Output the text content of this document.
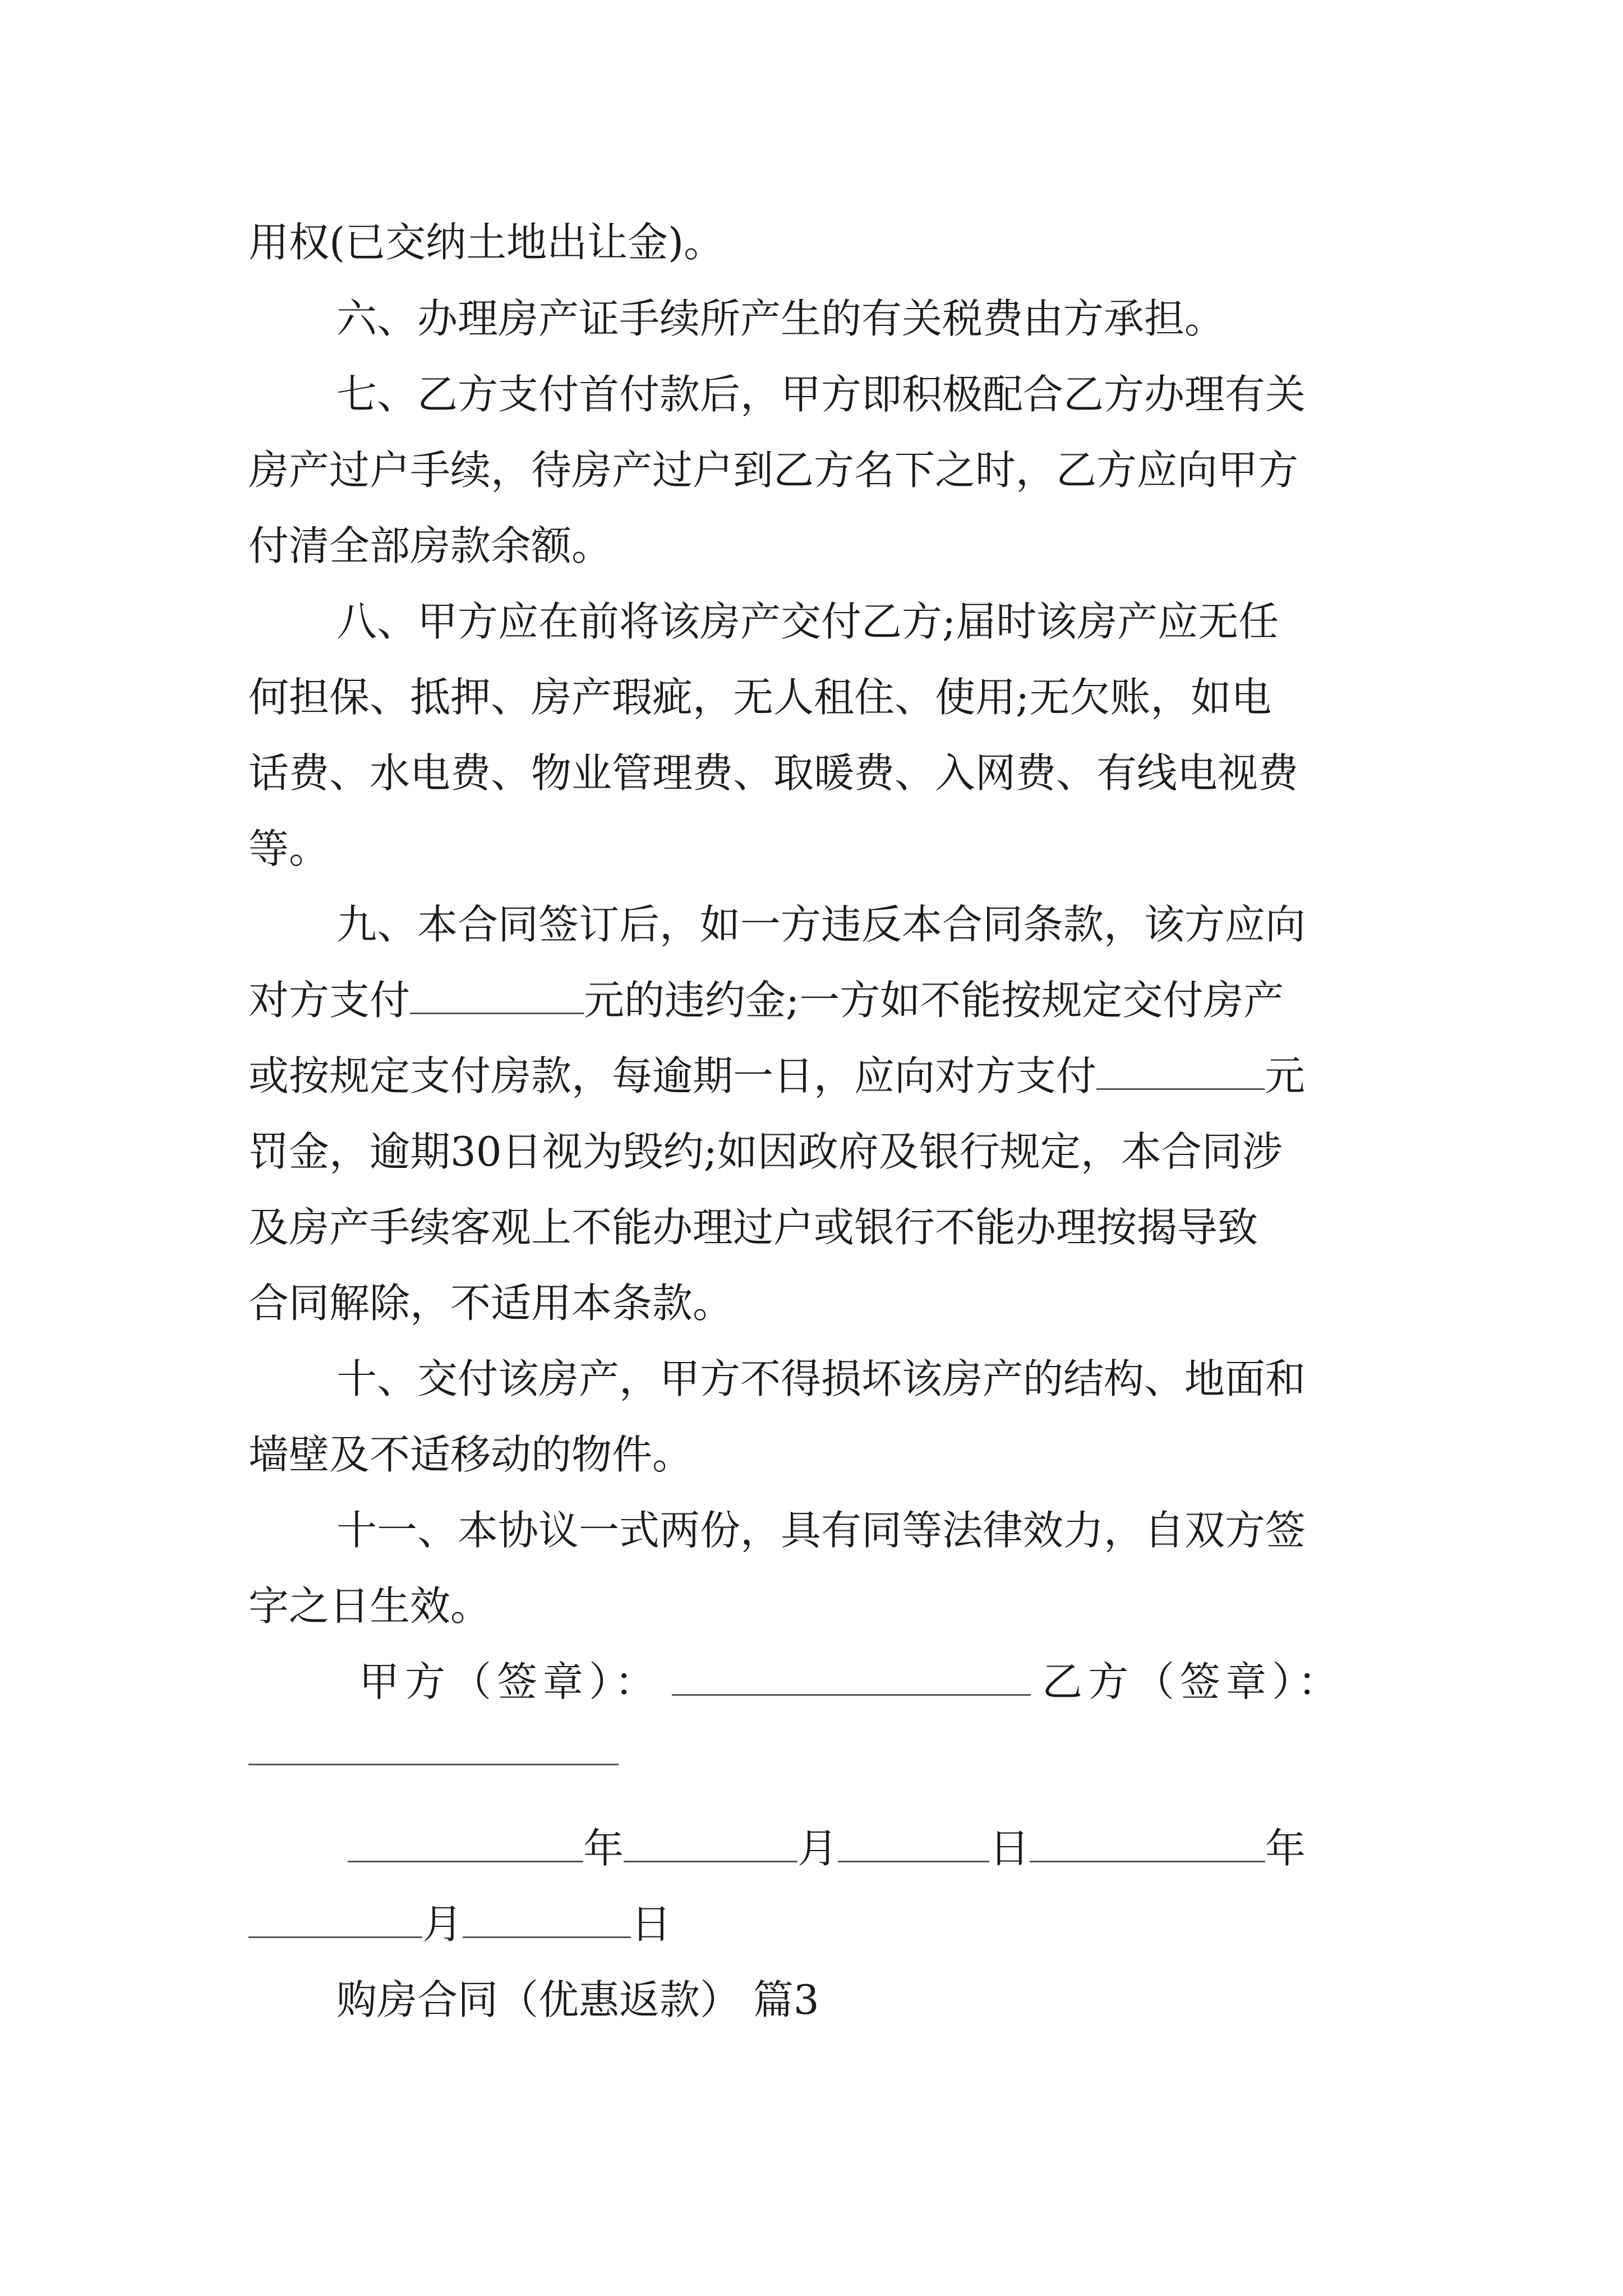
用权(已交纳土地出让金)。
六、办理房产证手续所产生的有关税费由方承担。
七、乙方支付首付款后，甲方即积极配合乙方办理有关
房产过户手续，待房产过户到乙方名下之时，乙方应向甲方
付清全部房款余额。
八、甲方应在前将该房产交付乙方;届时该房产应无任
何担保、抵押、房产瑕疵，无人租住、使用;无欠账，如电
话费、水电费、物业管理费、取暖费、入网费、有线电视费
等。
九、本合同签订后，如一方违反本合同条款，该方应向
对方支付	元的违约金;一方如不能按规定交付房产
或按规定支付房款，每逾期一日，应向对方支付	元
罚金，逾期30日视为毁约;如因政府及银行规定，本合同涉
及房产手续客观上不能办理过户或银行不能办理按揭导致
合同解除，不适用本条款。
十、交付该房产，甲方不得损坏该房产的结构、地面和
墙壁及不适移动的物件。
十一、本协议一式两份，具有同等法律效力，自双方签
字之日生效。
甲方（签章）：	乙方（签章）：
年	月	日	年
月	日
购房合同（优惠返款） 篇3
